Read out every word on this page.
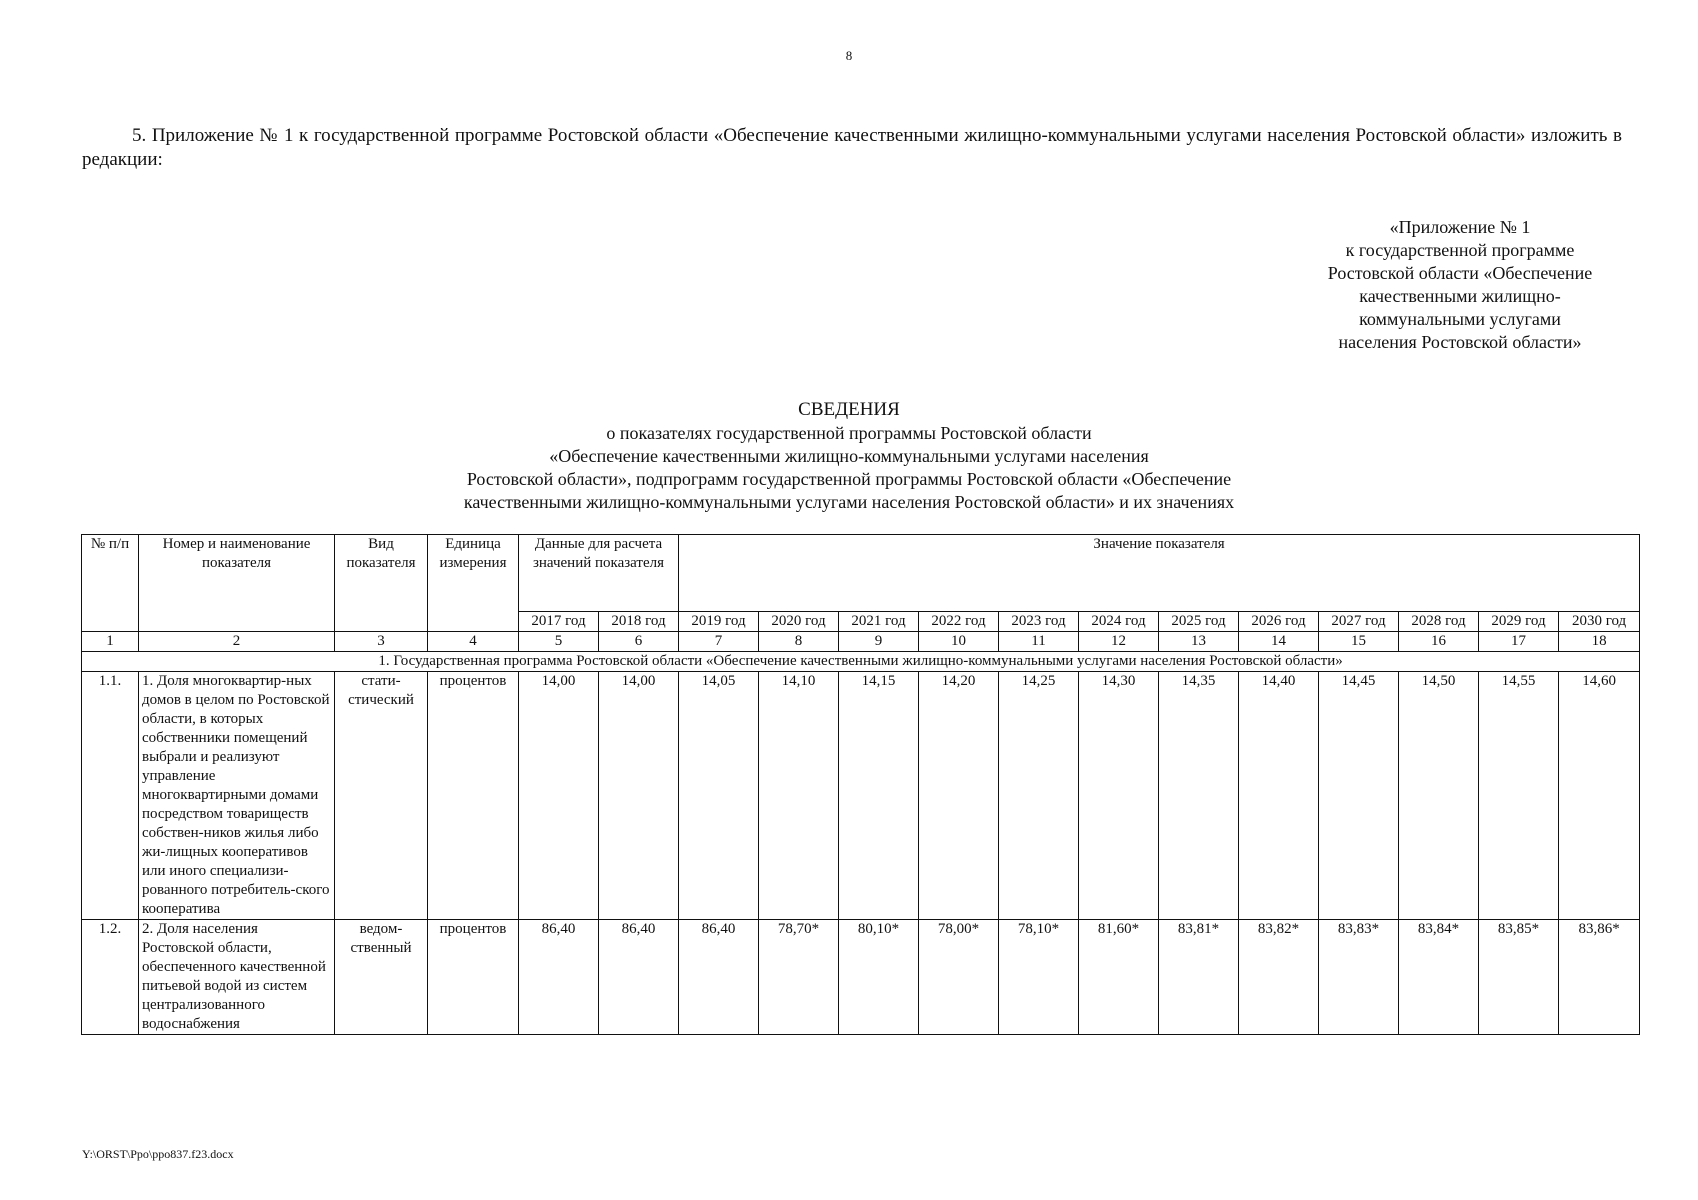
8
5. Приложение № 1 к государственной программе Ростовской области «Обеспечение качественными жилищно-коммунальными услугами населения Ростовской области» изложить в редакции:
«Приложение № 1
к государственной программе
Ростовской области «Обеспечение
качественными жилищно-
коммунальными услугами
населения Ростовской области»
СВЕДЕНИЯ
о показателях государственной программы Ростовской области
«Обеспечение качественными жилищно-коммунальными услугами населения
Ростовской области», подпрограмм государственной программы Ростовской области «Обеспечение
качественными жилищно-коммунальными услугами населения Ростовской области» и их значениях
№ п/п	Номер и наименование показателя	Вид показателя	Единица измерения	Данные для расчета значений показателя		Значение показателя											
				2017 год	2018 год	2019 год	2020 год	2021 год	2022 год	2023 год	2024 год	2025 год	2026 год	2027 год	2028 год	2029 год	2030 год
1	2	3	4	5	6	7	8	9	10	11	12	13	14	15	16	17	18
1. Государственная программа Ростовской области «Обеспечение качественными жилищно-коммунальными услугами населения Ростовской области»																	
1.1.	1. Доля многоквартир-ных домов в целом по Ростовской области, в которых собственники помещений выбрали и реализуют управление многоквартирными домами посредством товариществ собствен-ников жилья либо жи-лищных кооперативов или иного специализи-рованного потребитель-ского кооператива	стати-стический	процентов	14,00	14,00	14,05	14,10	14,15	14,20	14,25	14,30	14,35	14,40	14,45	14,50	14,55	14,60
1.2.	2. Доля населения Ростовской области, обеспеченного качественной питьевой водой из систем централизованного водоснабжения	ведом-ственный	процентов	86,40	86,40	86,40	78,70*	80,10*	78,00*	78,10*	81,60*	83,81*	83,82*	83,83*	83,84*	83,85*	83,86*
Y:\ORST\Ppo\ppo837.f23.docx
